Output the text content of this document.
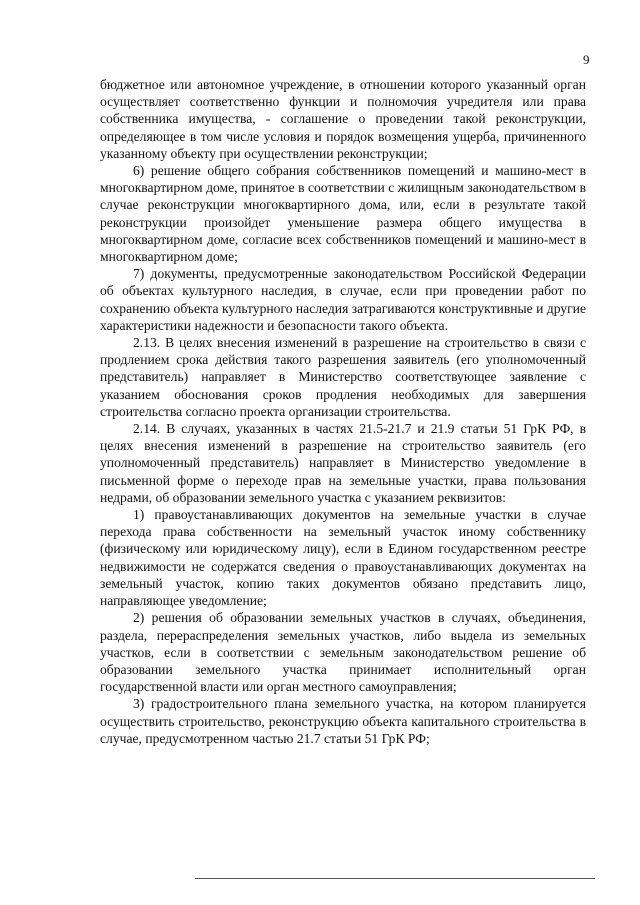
9

бюджетное или автономное учреждение, в отношении которого указанный орган осуществляет соответственно функции и полномочия учредителя или права собственника имущества, - соглашение о проведении такой реконструкции, определяющее в том числе условия и порядок возмещения ущерба, причиненного указанному объекту при осуществлении реконструкции;

6) решение общего собрания собственников помещений и машино-мест в многоквартирном доме, принятое в соответствии с жилищным законодательством в случае реконструкции многоквартирного дома, или, если в результате такой реконструкции произойдет уменьшение размера общего имущества в многоквартирном доме, согласие всех собственников помещений и машино-мест в многоквартирном доме;

7) документы, предусмотренные законодательством Российской Федерации об объектах культурного наследия, в случае, если при проведении работ по сохранению объекта культурного наследия затрагиваются конструктивные и другие характеристики надежности и безопасности такого объекта.

2.13. В целях внесения изменений в разрешение на строительство в связи с продлением срока действия такого разрешения заявитель (его уполномоченный представитель) направляет в Министерство соответствующее заявление с указанием обоснования сроков продления необходимых для завершения строительства согласно проекта организации строительства.

2.14. В случаях, указанных в частях 21.5-21.7 и 21.9 статьи 51 ГрК РФ, в целях внесения изменений в разрешение на строительство заявитель (его уполномоченный представитель) направляет в Министерство уведомление в письменной форме о переходе прав на земельные участки, права пользования недрами, об образовании земельного участка с указанием реквизитов:

1) правоустанавливающих документов на земельные участки в случае перехода права собственности на земельный участок иному собственнику (физическому или юридическому лицу), если в Едином государственном реестре недвижимости не содержатся сведения о правоустанавливающих документах на земельный участок, копию таких документов обязано представить лицо, направляющее уведомление;

2) решения об образовании земельных участков в случаях, объединения, раздела, перераспределения земельных участков, либо выдела из земельных участков, если в соответствии с земельным законодательством решение об образовании земельного участка принимает исполнительный орган государственной власти или орган местного самоуправления;

3) градостроительного плана земельного участка, на котором планируется осуществить строительство, реконструкцию объекта капитального строительства в случае, предусмотренном частью 21.7 статьи 51 ГрК РФ;
